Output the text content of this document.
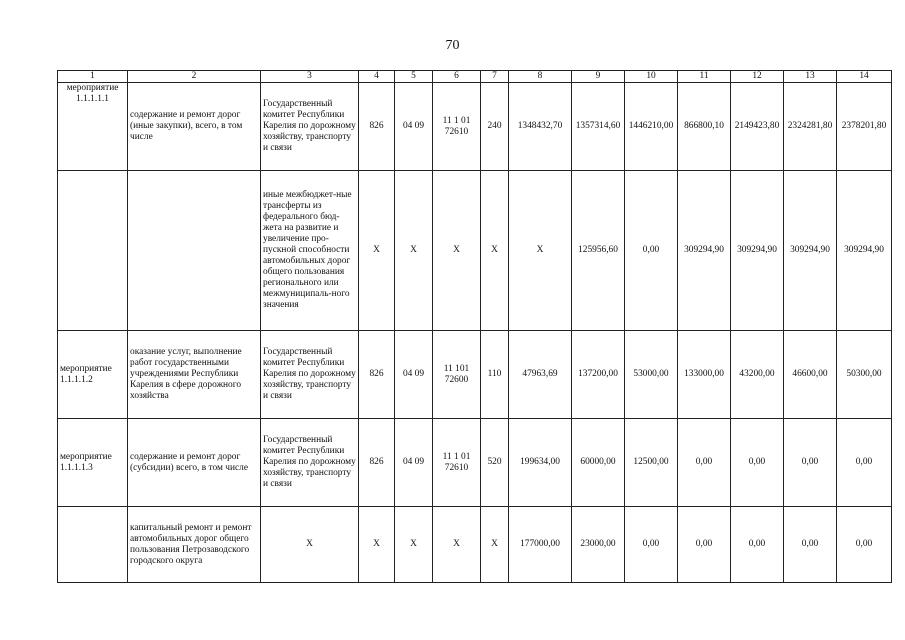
70
1	2	3	4	5	6	7	8	9	10	11	12	13	14
мероприятие 1.1.1.1.1	содержание и ремонт дорог (иные закупки), всего, в том числе	Государственный комитет Республики Карелия по дорожному хозяйству, транспорту и связи	826	04 09	11 1 01 72610	240	1348432,70	1357314,60	1446210,00	866800,10	2149423,80	2324281,80	2378201,80
		иные межбюджет-ные трансферты из федерального бюд-жета на развитие и увеличение про-пускной способности автомобильных дорог общего пользования регионального или межмуниципаль-ного значения	X	X	X	X	X	125956,60	0,00	309294,90	309294,90	309294,90	309294,90
мероприятие 1.1.1.1.2	оказание услуг, выполнение работ государственными учреждениями Республики Карелия в сфере дорожного хозяйства	Государственный комитет Республики Карелия по дорожному хозяйству, транспорту и связи	826	04 09	11 101 72600	110	47963,69	137200,00	53000,00	133000,00	43200,00	46600,00	50300,00
мероприятие 1.1.1.1.3	содержание и ремонт дорог (субсидии) всего, в том числе	Государственный комитет Республики Карелия по дорожному хозяйству, транспорту и связи	826	04 09	11 1 01 72610	520	199634,00	60000,00	12500,00	0,00	0,00	0,00	0,00
	капитальный ремонт и ремонт автомобильных дорог общего пользования Петрозаводского городского округа	X	X	X	X	X	177000,00	23000,00	0,00	0,00	0,00	0,00	0,00
